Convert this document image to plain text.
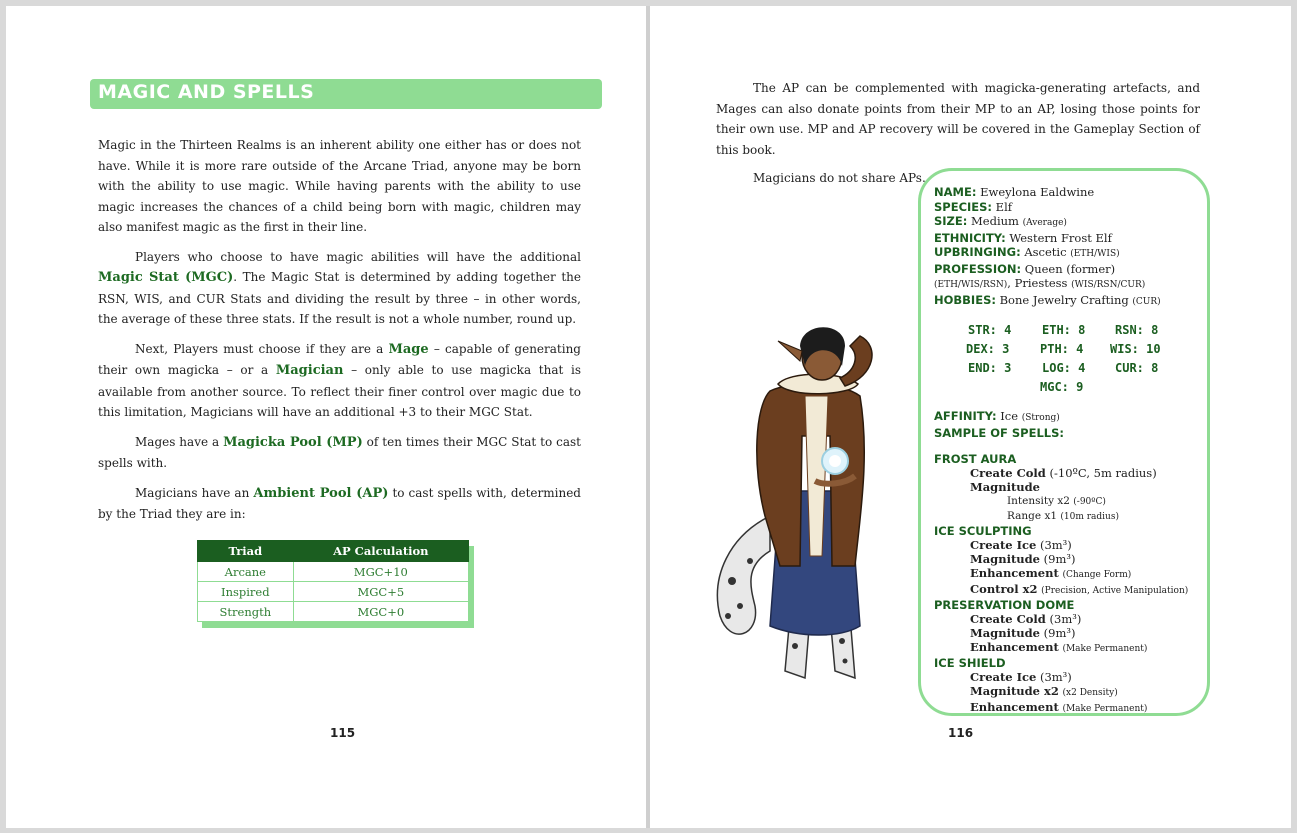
MAGIC AND SPELLS

Magic in the Thirteen Realms is an inherent ability one either has or does not have. While it is more rare outside of the Arcane Triad, anyone may be born with the ability to use magic. While having parents with the ability to use magic increases the chances of a child being born with magic, children may also manifest magic as the first in their line.

Players who choose to have magic abilities will have the additional Magic Stat (MGC). The Magic Stat is determined by adding together the RSN, WIS, and CUR Stats and dividing the result by three – in other words, the average of these three stats. If the result is not a whole number, round up.

Next, Players must choose if they are a Mage – capable of generating their own magicka – or a Magician – only able to use magicka that is available from another source. To reflect their finer control over magic due to this limitation, Magicians will have an additional +3 to their MGC Stat.

Mages have a Magicka Pool (MP) of ten times their MGC Stat to cast spells with.

Magicians have an Ambient Pool (AP) to cast spells with, determined by the Triad they are in:

Triad	AP Calculation
Arcane	MGC+10
Inspired	MGC+5
Strength	MGC+0
115

The AP can be complemented with magicka-generating artefacts, and Mages can also donate points from their MP to an AP, losing those points for their own use. MP and AP recovery will be covered in the Gameplay Section of this book.

Magicians do not share APs.

NAME: Eweylona Ealdwine
SPECIES: Elf
SIZE: Medium (Average)
ETHNICITY: Western Frost Elf
UPBRINGING: Ascetic (ETH/WIS)
PROFESSION: Queen (former)
(ETH/WIS/RSN), Priestess (WIS/RSN/CUR)
HOBBIES: Bone Jewelry Crafting (CUR)
STR: 4	ETH: 8 RSN: 8
DEX: 3	PTH: 4 WIS: 10
END: 3	LOG: 4 CUR: 8
MGC: 9
AFFINITY: Ice (Strong)
SAMPLE OF SPELLS:
FROST AURA
Create Cold (-10ºC, 5m radius)
Magnitude
Intensity x2 (-90ºC)
Range x1 (10m radius)
ICE SCULPTING
Create Ice (3m³)
Magnitude (9m³)
Enhancement (Change Form)
Control x2 (Precision, Active Manipulation)
PRESERVATION DOME
Create Cold (3m³)
Magnitude (9m³)
Enhancement (Make Permanent)
ICE SHIELD
Create Ice (3m³)
Magnitude x2 (x2 Density)
Enhancement (Make Permanent)
116
